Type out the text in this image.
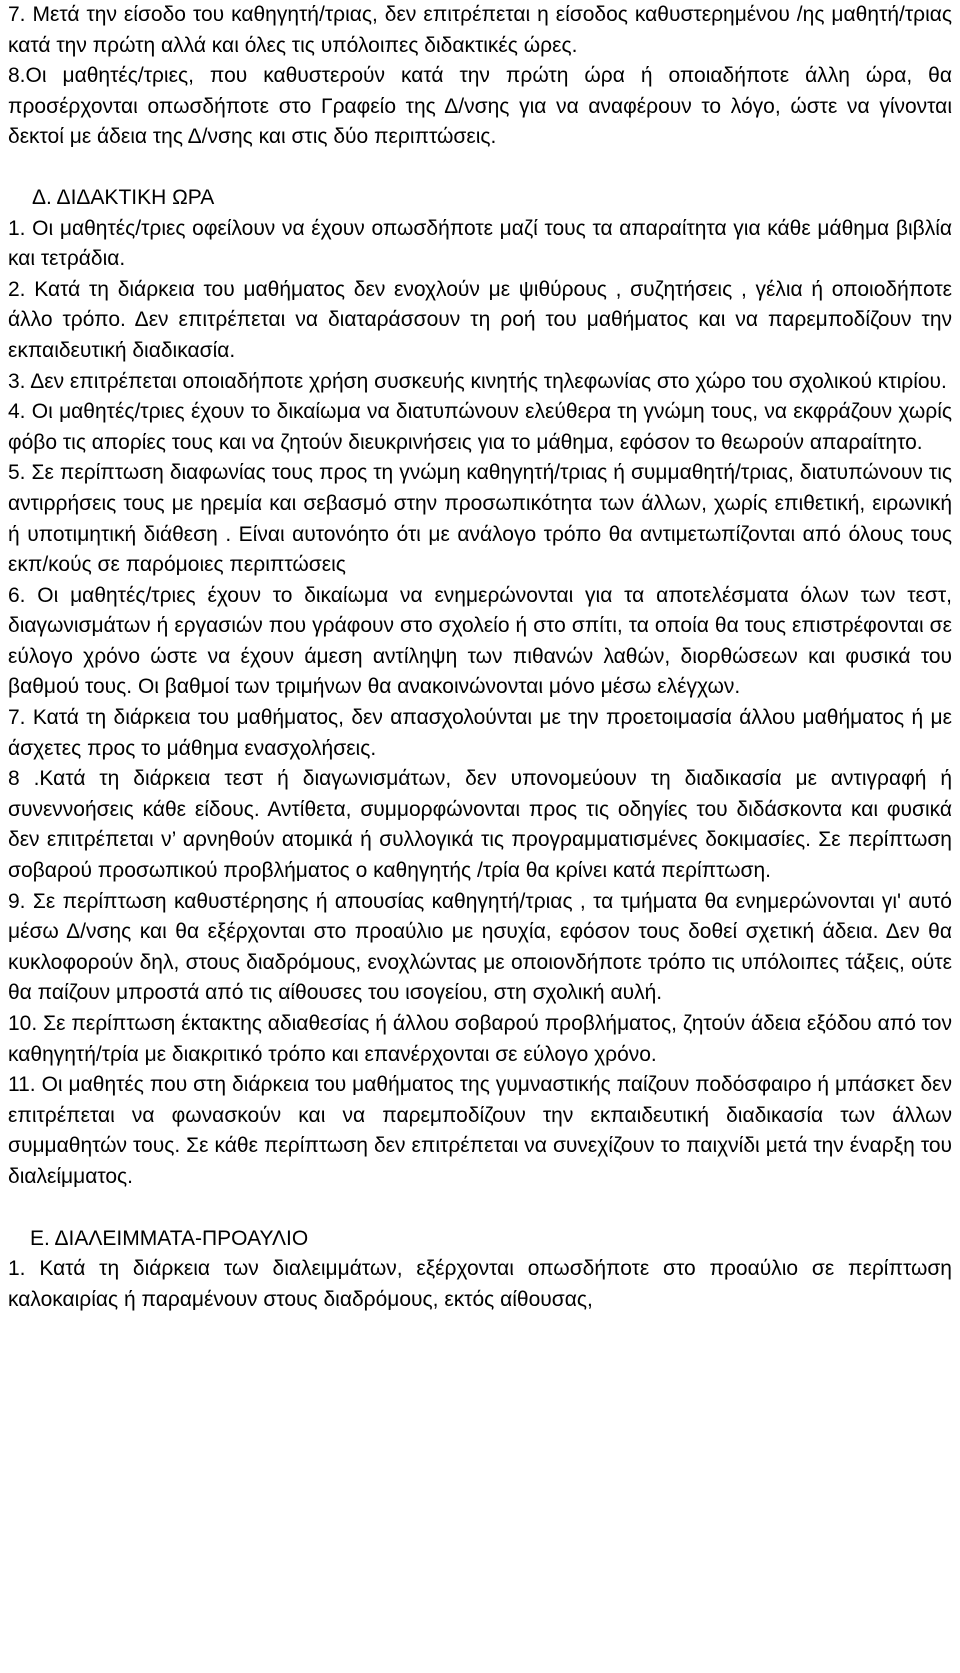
7. Μετά την είσοδο του καθηγητή/τριας, δεν επιτρέπεται η είσοδος καθυστερημένου /ης μαθητή/τριας κατά την πρώτη αλλά και όλες τις υπόλοιπες διδακτικές ώρες.

8.Οι μαθητές/τριες, που καθυστερούν κατά την πρώτη ώρα ή οποιαδήποτε άλλη ώρα, θα προσέρχονται οπωσδήποτε στο Γραφείο της Δ/νσης για να αναφέρουν το λόγο, ώστε να γίνονται δεκτοί με άδεια της Δ/νσης και στις δύο περιπτώσεις.

Δ. ΔΙΔΑΚΤΙΚΗ ΩΡΑ

1. Οι μαθητές/τριες οφείλουν να έχουν οπωσδήποτε μαζί τους τα απαραίτητα για κάθε μάθημα βιβλία και τετράδια.

2. Κατά τη διάρκεια του μαθήματος δεν ενοχλούν με ψιθύρους , συζητήσεις , γέλια ή οποιοδήποτε άλλο τρόπο. Δεν επιτρέπεται να διαταράσσουν τη ροή του μαθήματος και να παρεμποδίζουν την εκπαιδευτική διαδικασία.

3. Δεν επιτρέπεται οποιαδήποτε χρήση συσκευής κινητής τηλεφωνίας στο χώρο του σχολικού κτιρίου.

4. Οι μαθητές/τριες έχουν το δικαίωμα να διατυπώνουν ελεύθερα τη γνώμη τους, να εκφράζουν χωρίς φόβο τις απορίες τους και να ζητούν διευκρινήσεις για το μάθημα, εφόσον το θεωρούν απαραίτητο.

5. Σε περίπτωση διαφωνίας τους προς τη γνώμη καθηγητή/τριας ή συμμαθητή/τριας, διατυπώνουν τις αντιρρήσεις τους με ηρεμία και σεβασμό στην προσωπικότητα των άλλων, χωρίς επιθετική, ειρωνική ή υποτιμητική διάθεση . Είναι αυτονόητο ότι με ανάλογο τρόπο θα αντιμετωπίζονται από όλους τους εκπ/κούς σε παρόμοιες περιπτώσεις

6. Οι μαθητές/τριες έχουν το δικαίωμα να ενημερώνονται για τα αποτελέσματα όλων των τεστ, διαγωνισμάτων ή εργασιών που γράφουν στο σχολείο ή στο σπίτι, τα οποία θα τους επιστρέφονται σε εύλογο χρόνο ώστε να έχουν άμεση αντίληψη των πιθανών λαθών, διορθώσεων και φυσικά του βαθμού τους. Οι βαθμοί των τριμήνων θα ανακοινώνονται μόνο μέσω ελέγχων.

7. Κατά τη διάρκεια του μαθήματος, δεν απασχολούνται με την προετοιμασία άλλου μαθήματος ή με άσχετες προς το μάθημα ενασχολήσεις.

8 .Κατά τη διάρκεια τεστ ή διαγωνισμάτων, δεν υπονομεύουν τη διαδικασία με αντιγραφή ή συνεννοήσεις κάθε είδους. Αντίθετα, συμμορφώνονται προς τις οδηγίες του διδάσκοντα και φυσικά δεν επιτρέπεται ν’ αρνηθούν ατομικά ή συλλογικά τις προγραμματισμένες δοκιμασίες. Σε περίπτωση σοβαρού προσωπικού προβλήματος ο καθηγητής /τρία θα κρίνει κατά περίπτωση.

9. Σε περίπτωση καθυστέρησης ή απουσίας καθηγητή/τριας , τα τμήματα θα ενημερώνονται γι' αυτό μέσω Δ/νσης και θα εξέρχονται στο προαύλιο με ησυχία, εφόσον τους δοθεί σχετική άδεια. Δεν θα κυκλοφορούν δηλ, στους διαδρόμους, ενοχλώντας με οποιονδήποτε τρόπο τις υπόλοιπες τάξεις, ούτε θα παίζουν μπροστά από τις αίθουσες του ισογείου, στη σχολική αυλή.

10. Σε περίπτωση έκτακτης αδιαθεσίας ή άλλου σοβαρού προβλήματος, ζητούν άδεια εξόδου από τον καθηγητή/τρία με διακριτικό τρόπο και επανέρχονται σε εύλογο χρόνο.

11. Οι μαθητές που στη διάρκεια του μαθήματος της γυμναστικής παίζουν ποδόσφαιρο ή μπάσκετ δεν επιτρέπεται να φωνασκούν και να παρεμποδίζουν την εκπαιδευτική διαδικασία των άλλων συμμαθητών τους. Σε κάθε περίπτωση δεν επιτρέπεται να συνεχίζουν το παιχνίδι μετά την έναρξη του διαλείμματος.

Ε. ΔΙΑΛΕΙΜΜΑΤΑ-ΠΡΟΑΥΛΙΟ

1. Κατά τη διάρκεια των διαλειμμάτων, εξέρχονται οπωσδήποτε στο προαύλιο σε περίπτωση καλοκαιρίας ή παραμένουν στους διαδρόμους, εκτός αίθουσας,
